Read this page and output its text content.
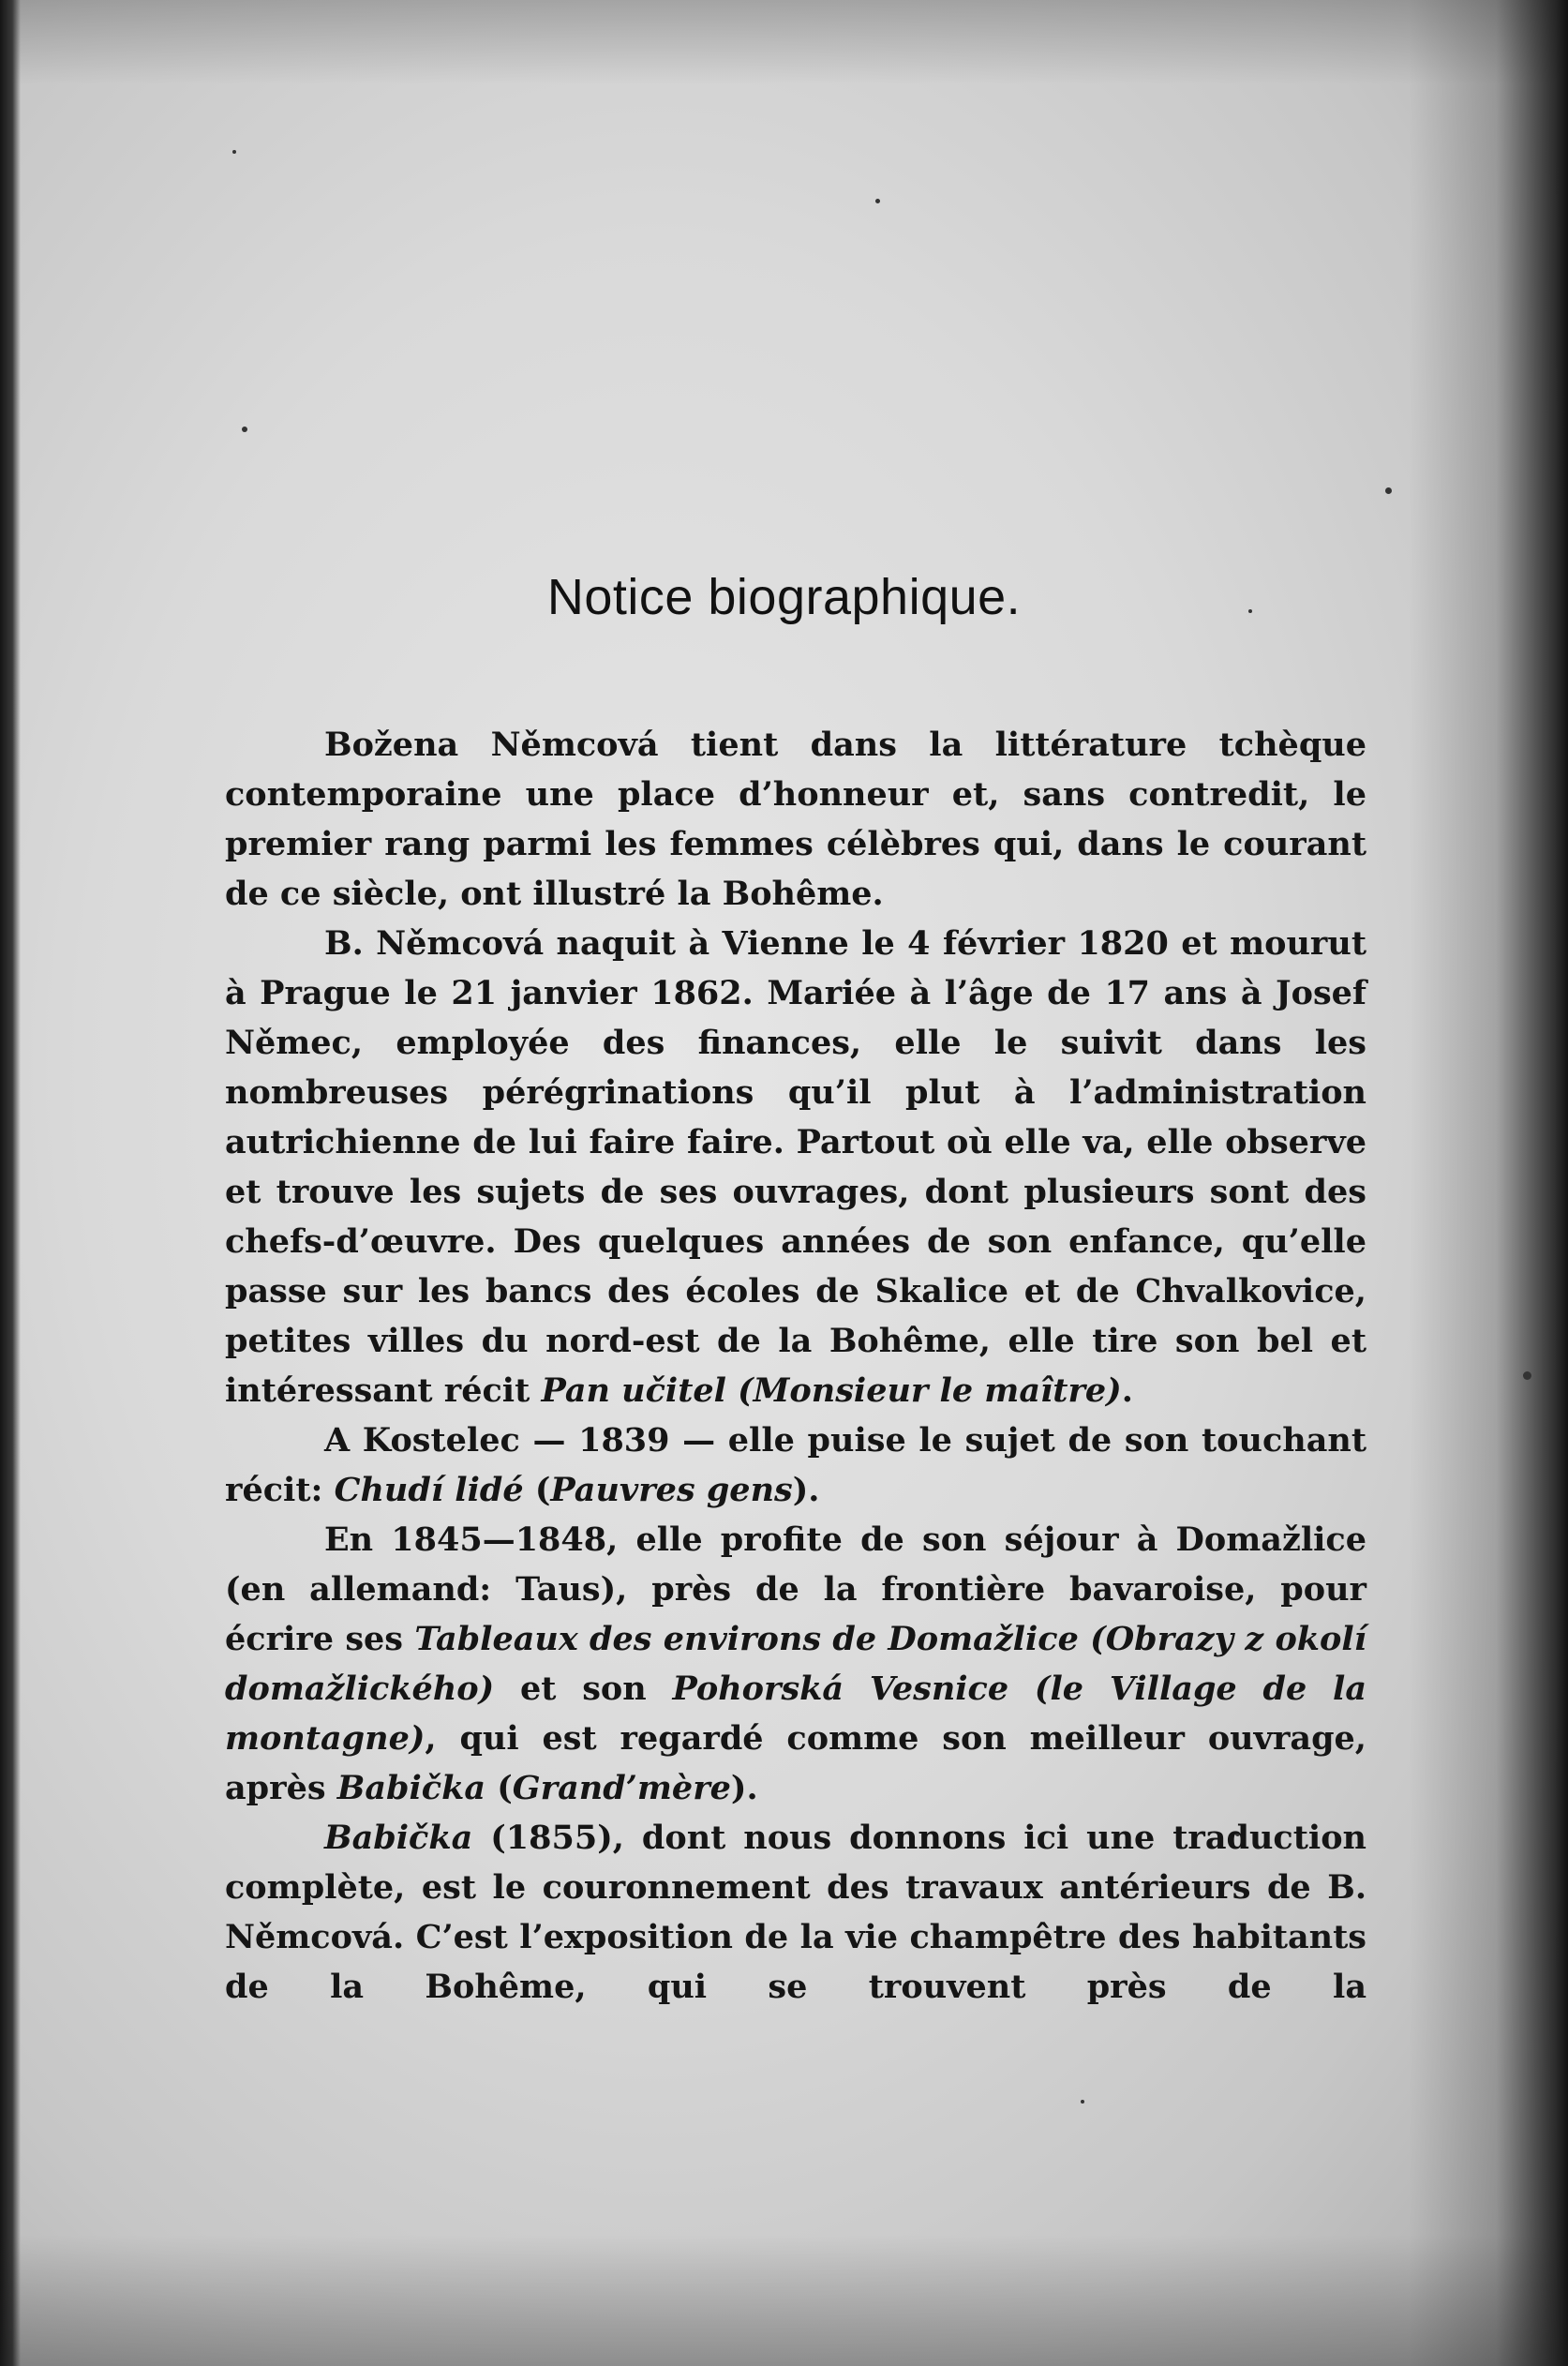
Notice biographique.

Božena Němcová tient dans la littérature tchèque contemporaine une place d’honneur et, sans contredit, le premier rang parmi les femmes célèbres qui, dans le courant de ce siècle, ont illustré la Bohême.

B. Němcová naquit à Vienne le 4 février 1820 et mourut à Prague le 21 janvier 1862. Mariée à l’âge de 17 ans à Josef Němec, employée des finances, elle le suivit dans les nombreuses pérégrinations qu’il plut à l’administration autrichienne de lui faire faire. Partout où elle va, elle observe et trouve les sujets de ses ouvrages, dont plusieurs sont des chefs-d’œuvre. Des quelques années de son enfance, qu’elle passe sur les bancs des écoles de Skalice et de Chvalkovice, petites villes du nord-est de la Bohême, elle tire son bel et intéressant récit Pan učitel (Monsieur le maître).

A Kostelec — 1839 — elle puise le sujet de son touchant récit: Chudí lidé (Pauvres gens).

En 1845—1848, elle profite de son séjour à Domažlice (en allemand: Taus), près de la frontière bavaroise, pour écrire ses Tableaux des environs de Domažlice (Obrazy z okolí domažlického) et son Pohorská Vesnice (le Village de la montagne), qui est regardé comme son meilleur ouvrage, après Babička (Grand’mère).

Babička (1855), dont nous donnons ici une traduction complète, est le couronnement des travaux antérieurs de B. Němcová. C’est l’exposition de la vie champêtre des habitants de la Bohême, qui se trouvent près de la
